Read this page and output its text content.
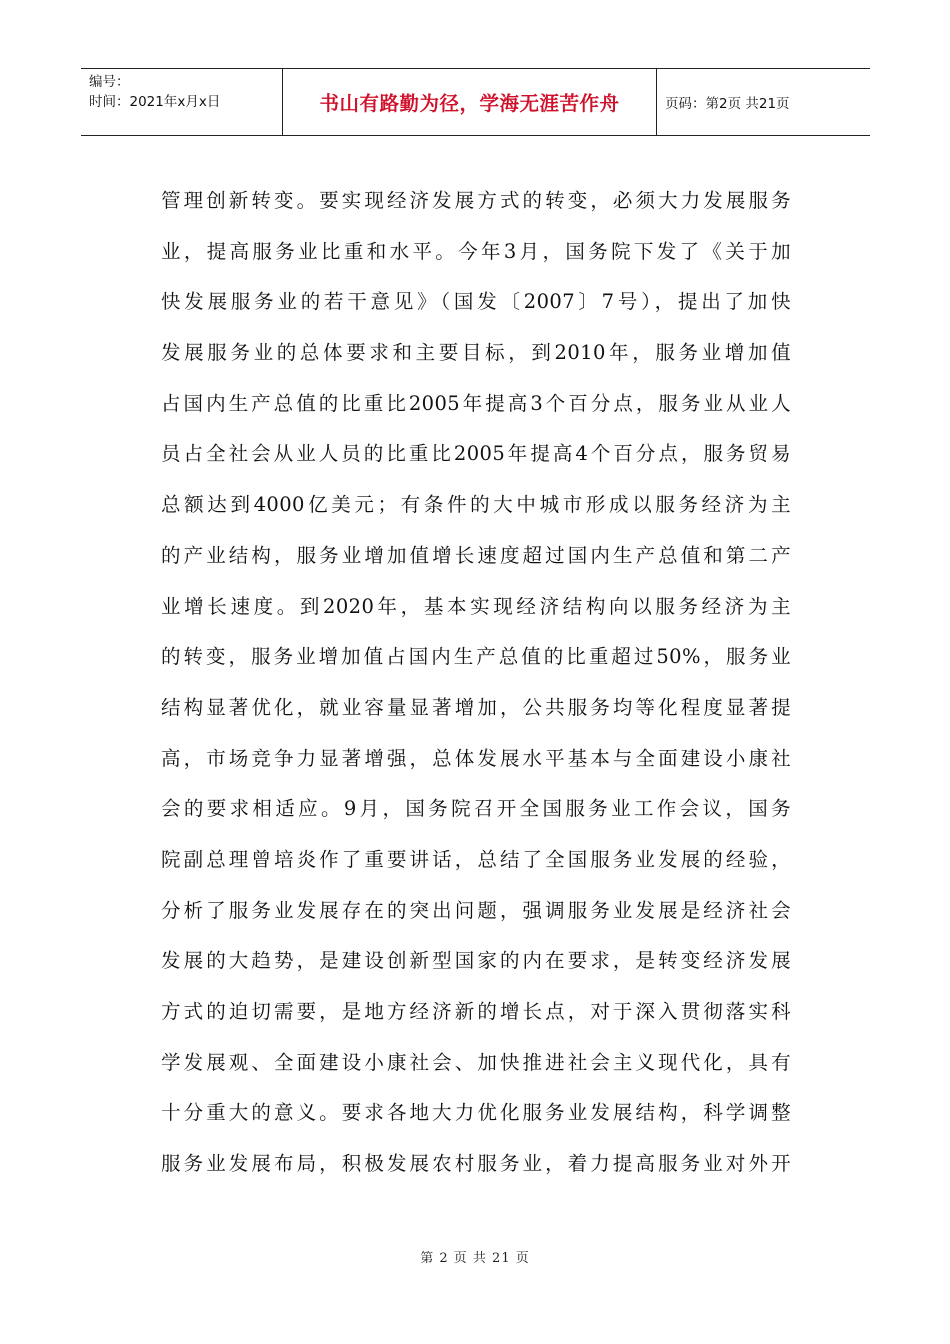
编号：
时间：2021年x月x日	书山有路勤为径，学海无涯苦作舟	页码：第2页 共21页
管理创新转变。要实现经济发展方式的转变，必须大力发展服务
业，提高服务业比重和水平。今年3月，国务院下发了《关于加
快发展服务业的若干意见》（国发〔2007〕7号），提出了加快
发展服务业的总体要求和主要目标，到2010年，服务业增加值
占国内生产总值的比重比2005年提高3个百分点，服务业从业人
员占全社会从业人员的比重比2005年提高4个百分点，服务贸易
总额达到4000亿美元；有条件的大中城市形成以服务经济为主
的产业结构，服务业增加值增长速度超过国内生产总值和第二产
业增长速度。到2020年，基本实现经济结构向以服务经济为主
的转变，服务业增加值占国内生产总值的比重超过50%，服务业
结构显著优化，就业容量显著增加，公共服务均等化程度显著提
高，市场竞争力显著增强，总体发展水平基本与全面建设小康社
会的要求相适应。9月，国务院召开全国服务业工作会议，国务
院副总理曾培炎作了重要讲话，总结了全国服务业发展的经验，
分析了服务业发展存在的突出问题，强调服务业发展是经济社会
发展的大趋势，是建设创新型国家的内在要求，是转变经济发展
方式的迫切需要，是地方经济新的增长点，对于深入贯彻落实科
学发展观、全面建设小康社会、加快推进社会主义现代化，具有
十分重大的意义。要求各地大力优化服务业发展结构，科学调整
服务业发展布局，积极发展农村服务业，着力提高服务业对外开
第 2 页 共 21 页
